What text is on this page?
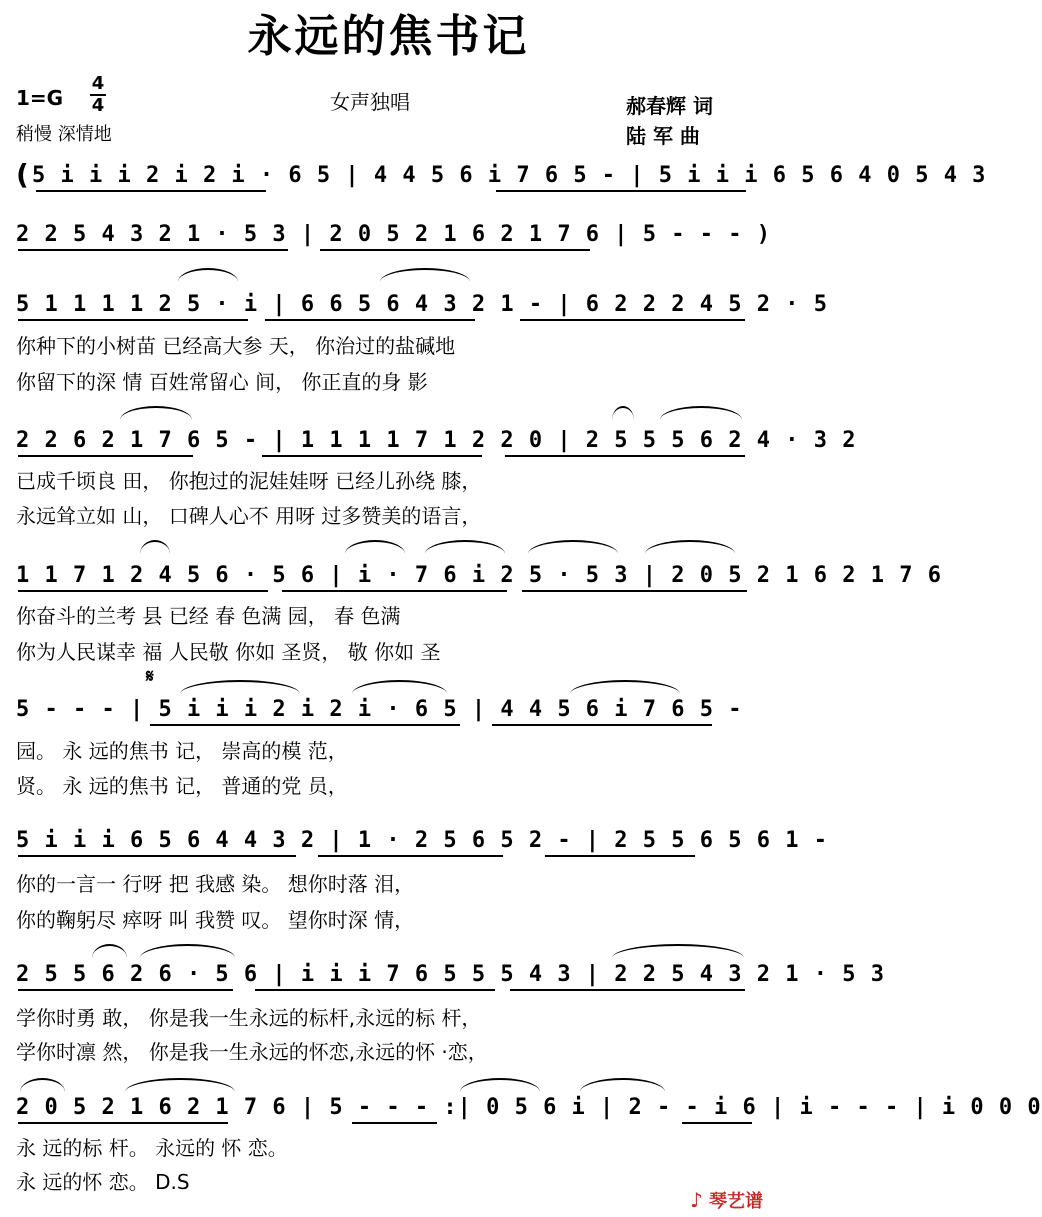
永远的焦书记
1=G
4
4
稍慢 深情地
女声独唱	郝春辉 词
陆 军 曲
( 5 i i i 2 i 2 i · 6 5 | 4 4 5 6 i 7 6 5 - | 5 i i i 6 5 6 4 0 5 4 3
2 2 5 4 3 2 1 · 5 3 | 2 0 5 2 1 6 2 1 7 6 | 5 - - - )
5 1 1 1 1 2 5 · i | 6 6 5 6 4 3 2 1 - | 6 2 2 2 4 5 2 · 5
你种下的小树苗 已经高大参 天， 你治过的盐碱地
你留下的深 情 百姓常留心 间， 你正直的身 影
2 2 6 2 1 7 6 5 - | 1 1 1 1 7 1 2 2 0 | 2 5 5 5 6 2 4 · 3 2
已成千顷良 田， 你抱过的泥娃娃呀 已经儿孙绕 膝，
永远耸立如 山， 口碑人心不 用呀 过多赞美的语言，
1 1 7 1 2 4 5 6 · 5 6 | i · 7 6 i 2 5 · 5 3 | 2 0 5 2 1 6 2 1 7 6
你奋斗的兰考 县 已经 春 色满 园， 春 色满
你为人民谋幸 福 人民敬 你如 圣贤， 敬 你如 圣
𝄋
5 - - - | 5 i i i 2 i 2 i · 6 5 | 4 4 5 6 i 7 6 5 -
园。 永 远的焦书 记， 崇高的模 范，
贤。 永 远的焦书 记， 普通的党 员，
5 i i i 6 5 6 4 4 3 2 | 1 · 2 5 6 5 2 - | 2 5 5 6 5 6 1 -
你的一言一 行呀 把 我感 染。 想你时落 泪，
你的鞠躬尽 瘁呀 叫 我赞 叹。 望你时深 情，
2 5 5 6 2 6 · 5 6 | i i i 7 6 5 5 5 4 3 | 2 2 5 4 3 2 1 · 5 3
学你时勇 敢， 你是我一生永远的标杆,永远的标 杆，
学你时凛 然， 你是我一生永远的怀恋,永远的怀 ·恋，
2 0 5 2 1 6 2 1 7 6 | 5 - - - :| 0 5 6 i | 2 - - i 6 | i - - - | i 0 0 0
永 远的标 杆。 永远的 怀 恋。
永 远的怀 恋。 D.S
♪ 琴艺谱
